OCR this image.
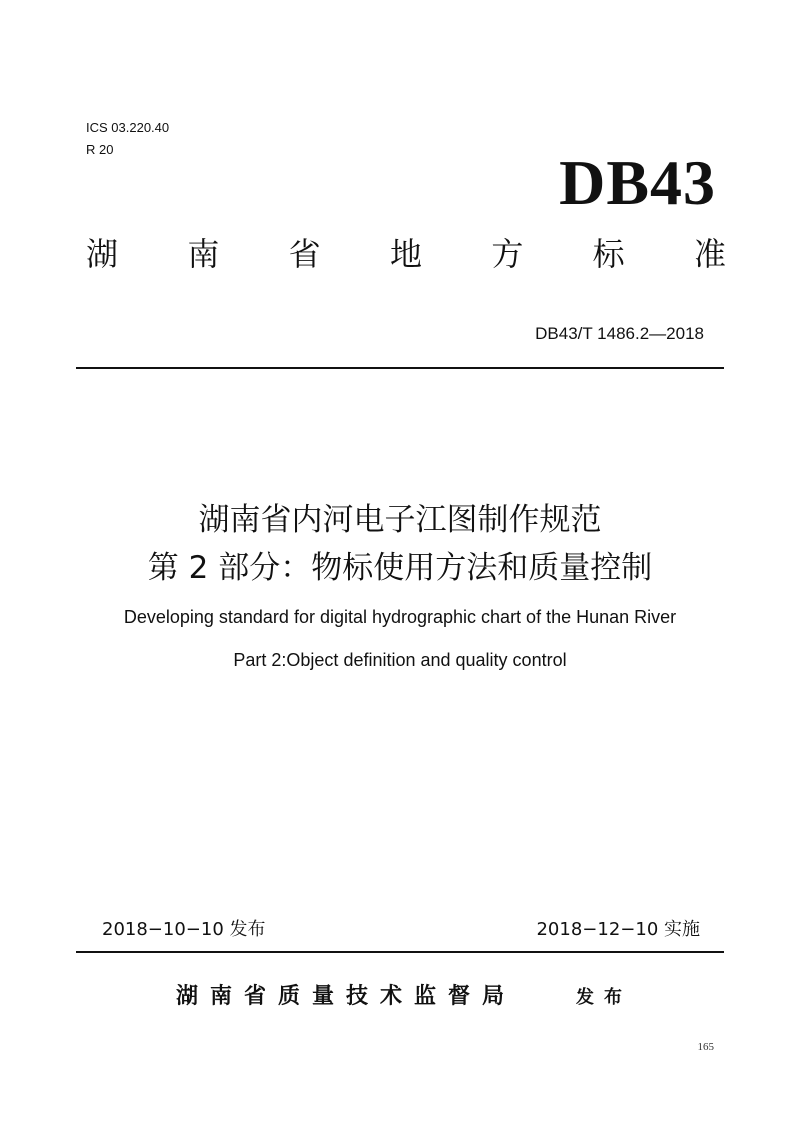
ICS 03.220.40
R 20	DB43
湖 南 省 地 方 标 准
DB43/T 1486.2—2018
湖南省内河电子江图制作规范
第 2 部分：物标使用方法和质量控制
Developing standard for digital hydrographic chart of the Hunan River
Part 2:Object definition and quality control
2018−10−10 发布	2018−12−10 实施
湖南省质量技术监督局	发布
165
